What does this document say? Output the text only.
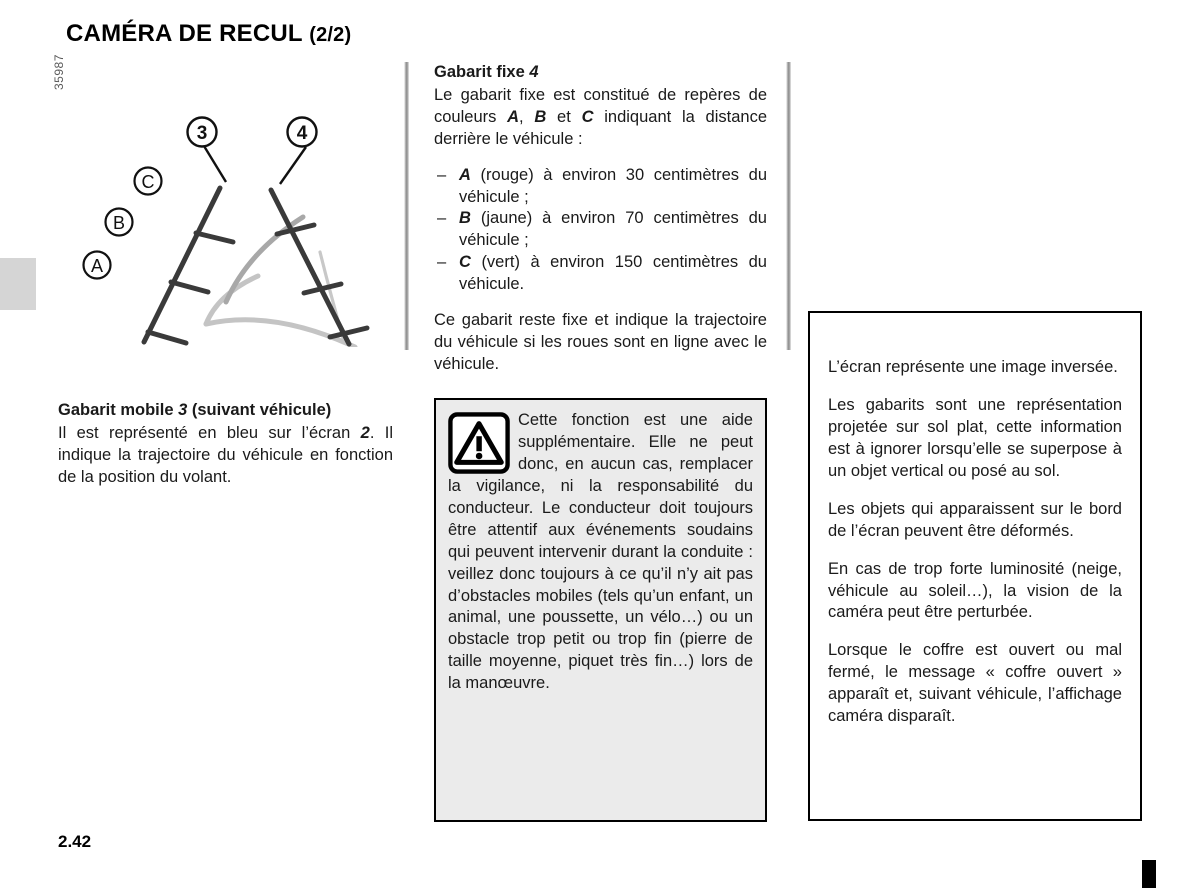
CAMÉRA DE RECUL (2/2)
2.42
35987
3	4
C
B
A
Gabarit mobile 3 (suivant véhicule)

Il est représenté en bleu sur l’écran 2. Il indique la trajectoire du véhicule en fonction de la position du volant.

Gabarit fixe 4

Le gabarit fixe est constitué de repères de couleurs A, B et C indiquant la distance derrière le véhicule :

– A (rouge) à environ 30 centimètres du véhicule ;
– B (jaune) à environ 70 centimètres du véhicule ;
– C (vert) à environ 150 centimètres du véhicule.

Ce gabarit reste fixe et indique la trajectoire du véhicule si les roues sont en ligne avec le véhicule.

Cette fonction est une aide supplémentaire. Elle ne peut donc, en aucun cas, remplacer la vigilance, ni la responsabilité du conducteur. Le conducteur doit toujours être attentif aux événements soudains qui peuvent intervenir durant la conduite : veillez donc toujours à ce qu’il n’y ait pas d’obstacles mobiles (tels qu’un enfant, un animal, une poussette, un vélo…) ou un obstacle trop petit ou trop fin (pierre de taille moyenne, piquet très fin…) lors de la manœuvre.

L’écran représente une image inversée.

Les gabarits sont une représentation projetée sur sol plat, cette information est à ignorer lorsqu’elle se superpose à un objet vertical ou posé au sol.

Les objets qui apparaissent sur le bord de l’écran peuvent être déformés.

En cas de trop forte luminosité (neige, véhicule au soleil…), la vision de la caméra peut être perturbée.

Lorsque le coffre est ouvert ou mal fermé, le message « coffre ouvert » apparaît et, suivant véhicule, l’affichage caméra disparaît.
